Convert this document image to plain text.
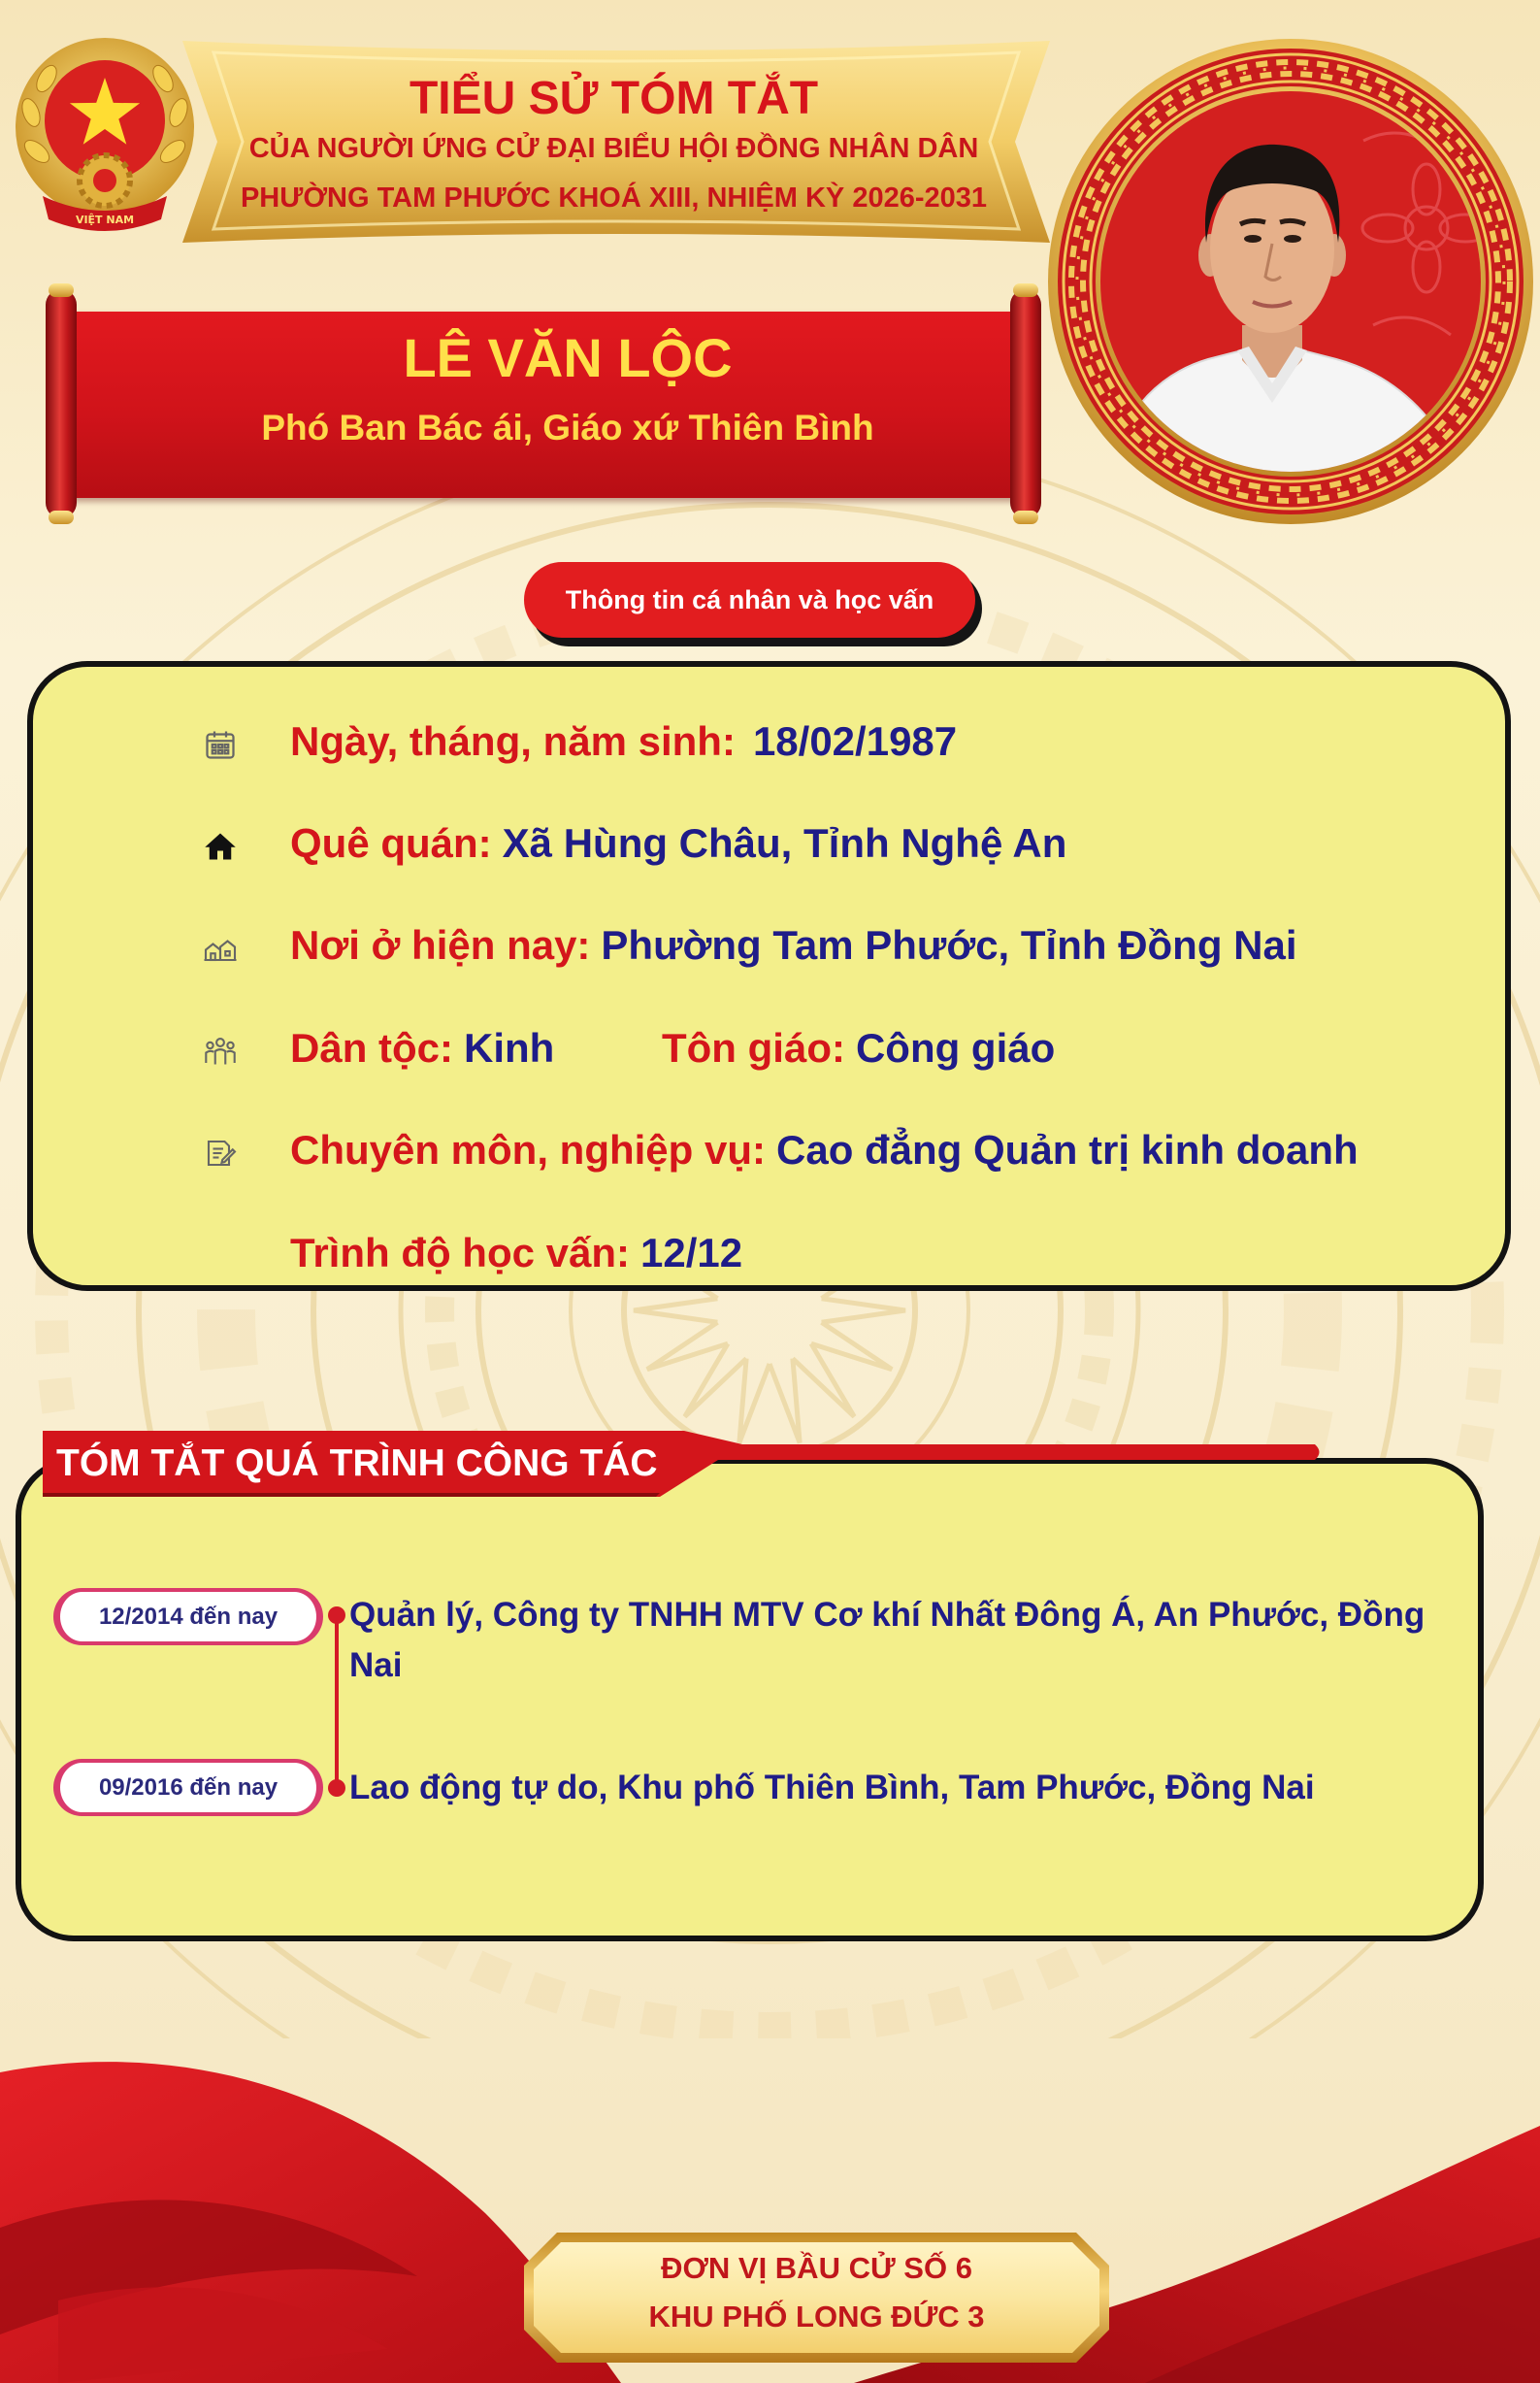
VIỆT NAM
TIỂU SỬ TÓM TẮT
CỦA NGƯỜI ỨNG CỬ ĐẠI BIỂU HỘI ĐỒNG NHÂN DÂN
PHƯỜNG TAM PHƯỚC KHOÁ XIII, NHIỆM KỲ 2026-2031
LÊ VĂN LỘC
Phó Ban Bác ái, Giáo xứ Thiên Bình
Thông tin cá nhân và học vấn
Ngày, tháng, năm sinh: 18/02/1987
Quê quán: Xã Hùng Châu, Tỉnh Nghệ An
Nơi ở hiện nay: Phường Tam Phước, Tỉnh Đồng Nai
Dân tộc: Kinh	Tôn giáo: Công giáo
Chuyên môn, nghiệp vụ: Cao đẳng Quản trị kinh doanh
Trình độ học vấn: 12/12
TÓM TẮT QUÁ TRÌNH CÔNG TÁC
12/2014 đến nay	Quản lý, Công ty TNHH MTV Cơ khí Nhất Đông Á, An Phước, Đồng Nai
09/2016 đến nay	Lao động tự do, Khu phố Thiên Bình, Tam Phước, Đồng Nai
ĐƠN VỊ BẦU CỬ SỐ 6
KHU PHỐ LONG ĐỨC 3
